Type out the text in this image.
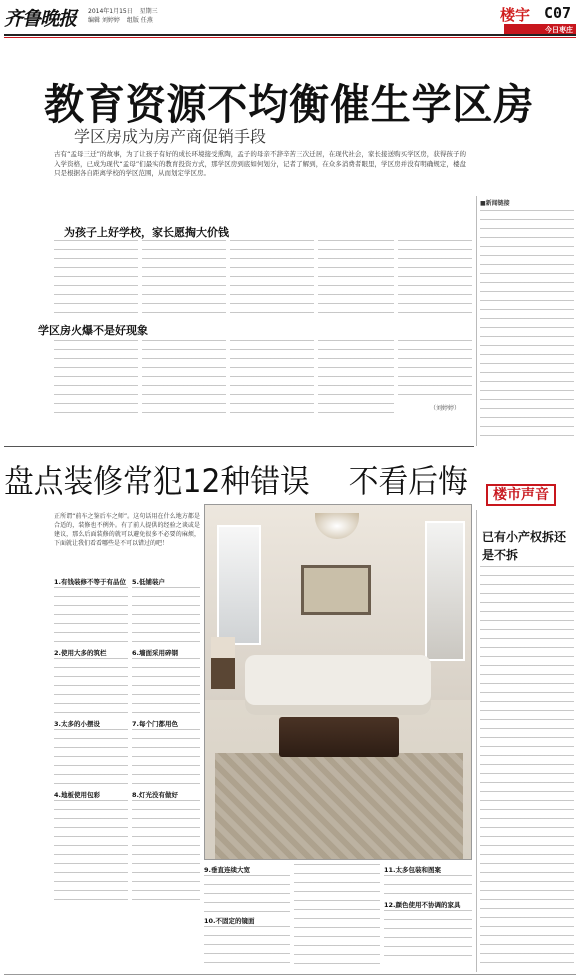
齐鲁晚报	2014年1月15日 星期三
编辑 刘婷婷 组版 任燕	楼宇 C07
今日枣庄
教育资源不均衡催生学区房
学区房成为房产商促销手段
古有“孟母三迁”的故事，为了让孩子有好的成长环境接受熏陶，孟子的母亲不辞辛苦三次迁居，在现代社会，家长接送购买学区房，获得孩子的入学资格，已成为现代“孟母”们最实的教育投资方式，那学区房到底如何划分，记者了解到，在众多消费者眼里，学区房并没有明确规定，楼盘只是根据各自距离学校的学区范围，从而划定学区房。
为孩子上好学校，家长愿掏大价钱
学区房火爆不是好现象
（刘婷婷）
■新闻链接
盘点装修常犯12种错误 不看后悔	楼市声音
正所谓“前车之鉴后车之师”。这句话用在什么地方都是合适的，装修也不例外。有了前人提供的经验之谈或是建议，那么后面装修的就可以避免很多不必要的麻烦，下面就让我们看看哪些是不可以错过的吧！
1.有钱装修不等于有品位
2.使用大多的筑栏
3.太多的小摆设
4.地板使用包彩
5.低铺装户
6.墙面采用碎钢
7.每个门都用色
8.灯光没有做好
9.垂直连续大宽
10.不固定的镜面
11.太多包装和图案
12.颜色使用不协调的家具
已有小产权拆还是不拆
